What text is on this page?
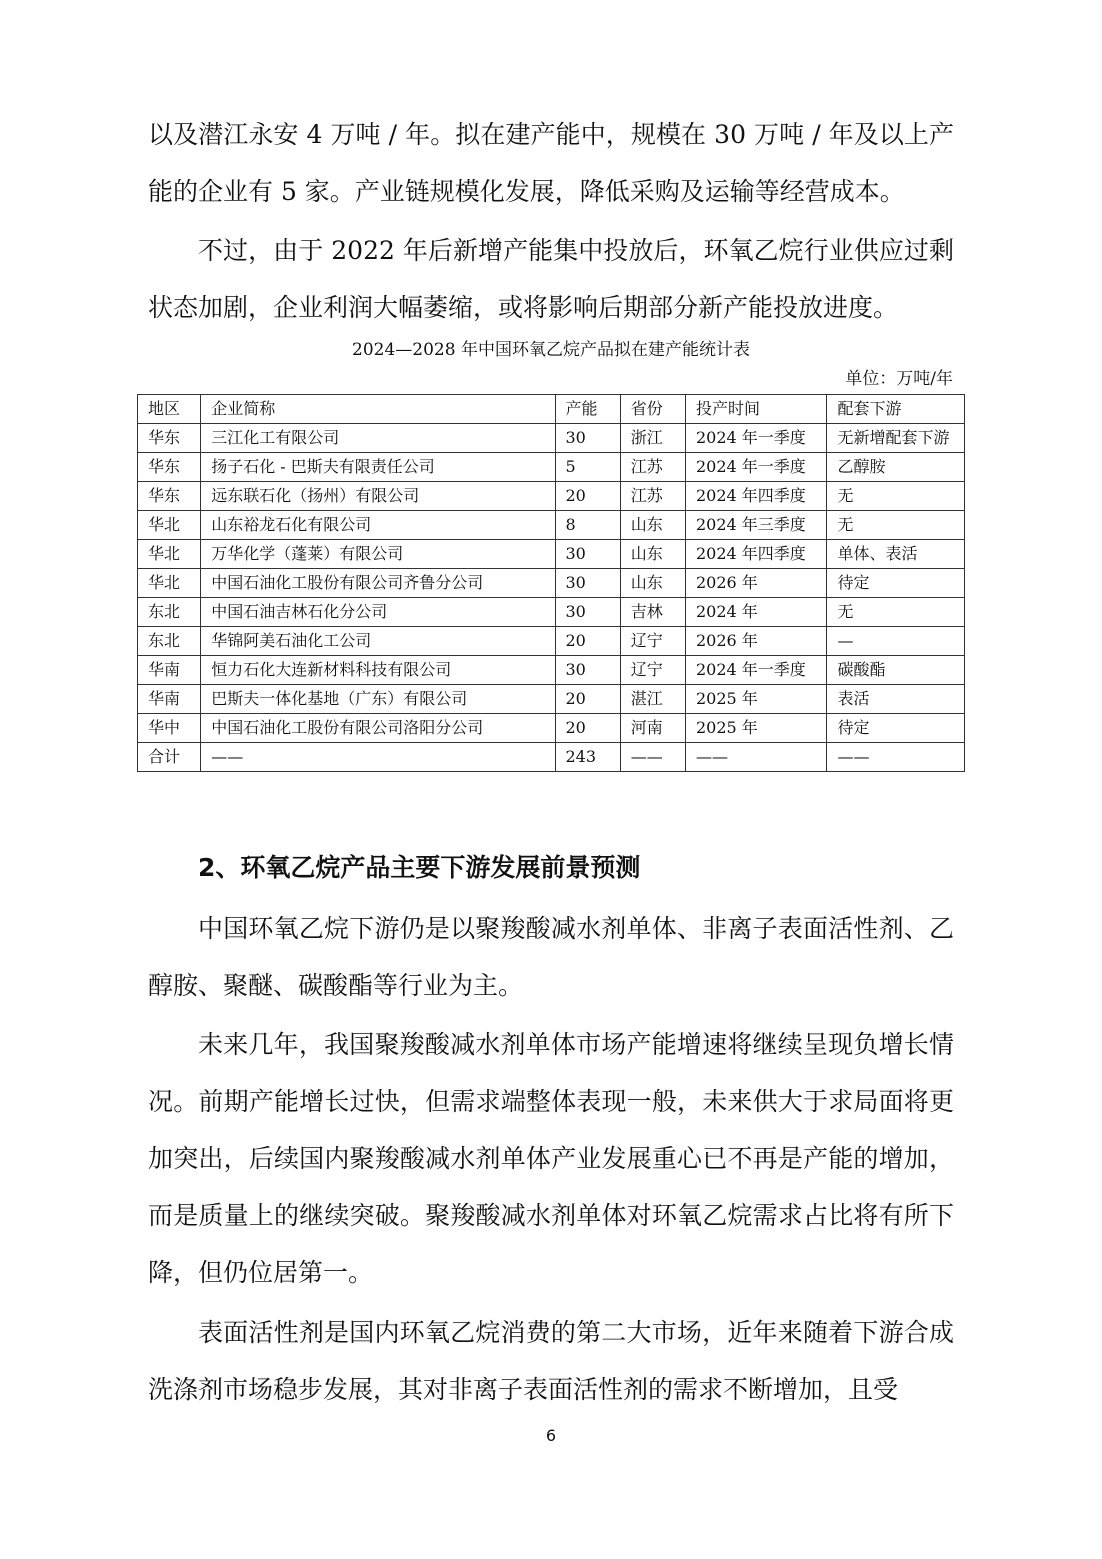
以及潜江永安 4 万吨 / 年。拟在建产能中，规模在 30 万吨 / 年及以上产能的企业有 5 家。产业链规模化发展，降低采购及运输等经营成本。

不过，由于 2022 年后新增产能集中投放后，环氧乙烷行业供应过剩状态加剧，企业利润大幅萎缩，或将影响后期部分新产能投放进度。

2024—2028 年中国环氧乙烷产品拟在建产能统计表
单位：万吨/年
地区	企业简称	产能	省份	投产时间	配套下游
华东	三江化工有限公司	30	浙江	2024 年一季度	无新增配套下游
华东	扬子石化 - 巴斯夫有限责任公司	5	江苏	2024 年一季度	乙醇胺
华东	远东联石化（扬州）有限公司	20	江苏	2024 年四季度	无
华北	山东裕龙石化有限公司	8	山东	2024 年三季度	无
华北	万华化学（蓬莱）有限公司	30	山东	2024 年四季度	单体、表活
华北	中国石油化工股份有限公司齐鲁分公司	30	山东	2026 年	待定
东北	中国石油吉林石化分公司	30	吉林	2024 年	无
东北	华锦阿美石油化工公司	20	辽宁	2026 年	—
华南	恒力石化大连新材料科技有限公司	30	辽宁	2024 年一季度	碳酸酯
华南	巴斯夫一体化基地（广东）有限公司	20	湛江	2025 年	表活
华中	中国石油化工股份有限公司洛阳分公司	20	河南	2025 年	待定
合计	——	243	——	——	——
2、环氧乙烷产品主要下游发展前景预测

中国环氧乙烷下游仍是以聚羧酸减水剂单体、非离子表面活性剂、乙醇胺、聚醚、碳酸酯等行业为主。

未来几年，我国聚羧酸减水剂单体市场产能增速将继续呈现负增长情况。前期产能增长过快，但需求端整体表现一般，未来供大于求局面将更加突出，后续国内聚羧酸减水剂单体产业发展重心已不再是产能的增加，而是质量上的继续突破。聚羧酸减水剂单体对环氧乙烷需求占比将有所下降，但仍位居第一。

表面活性剂是国内环氧乙烷消费的第二大市场，近年来随着下游合成洗涤剂市场稳步发展，其对非离子表面活性剂的需求不断增加，且受

6
